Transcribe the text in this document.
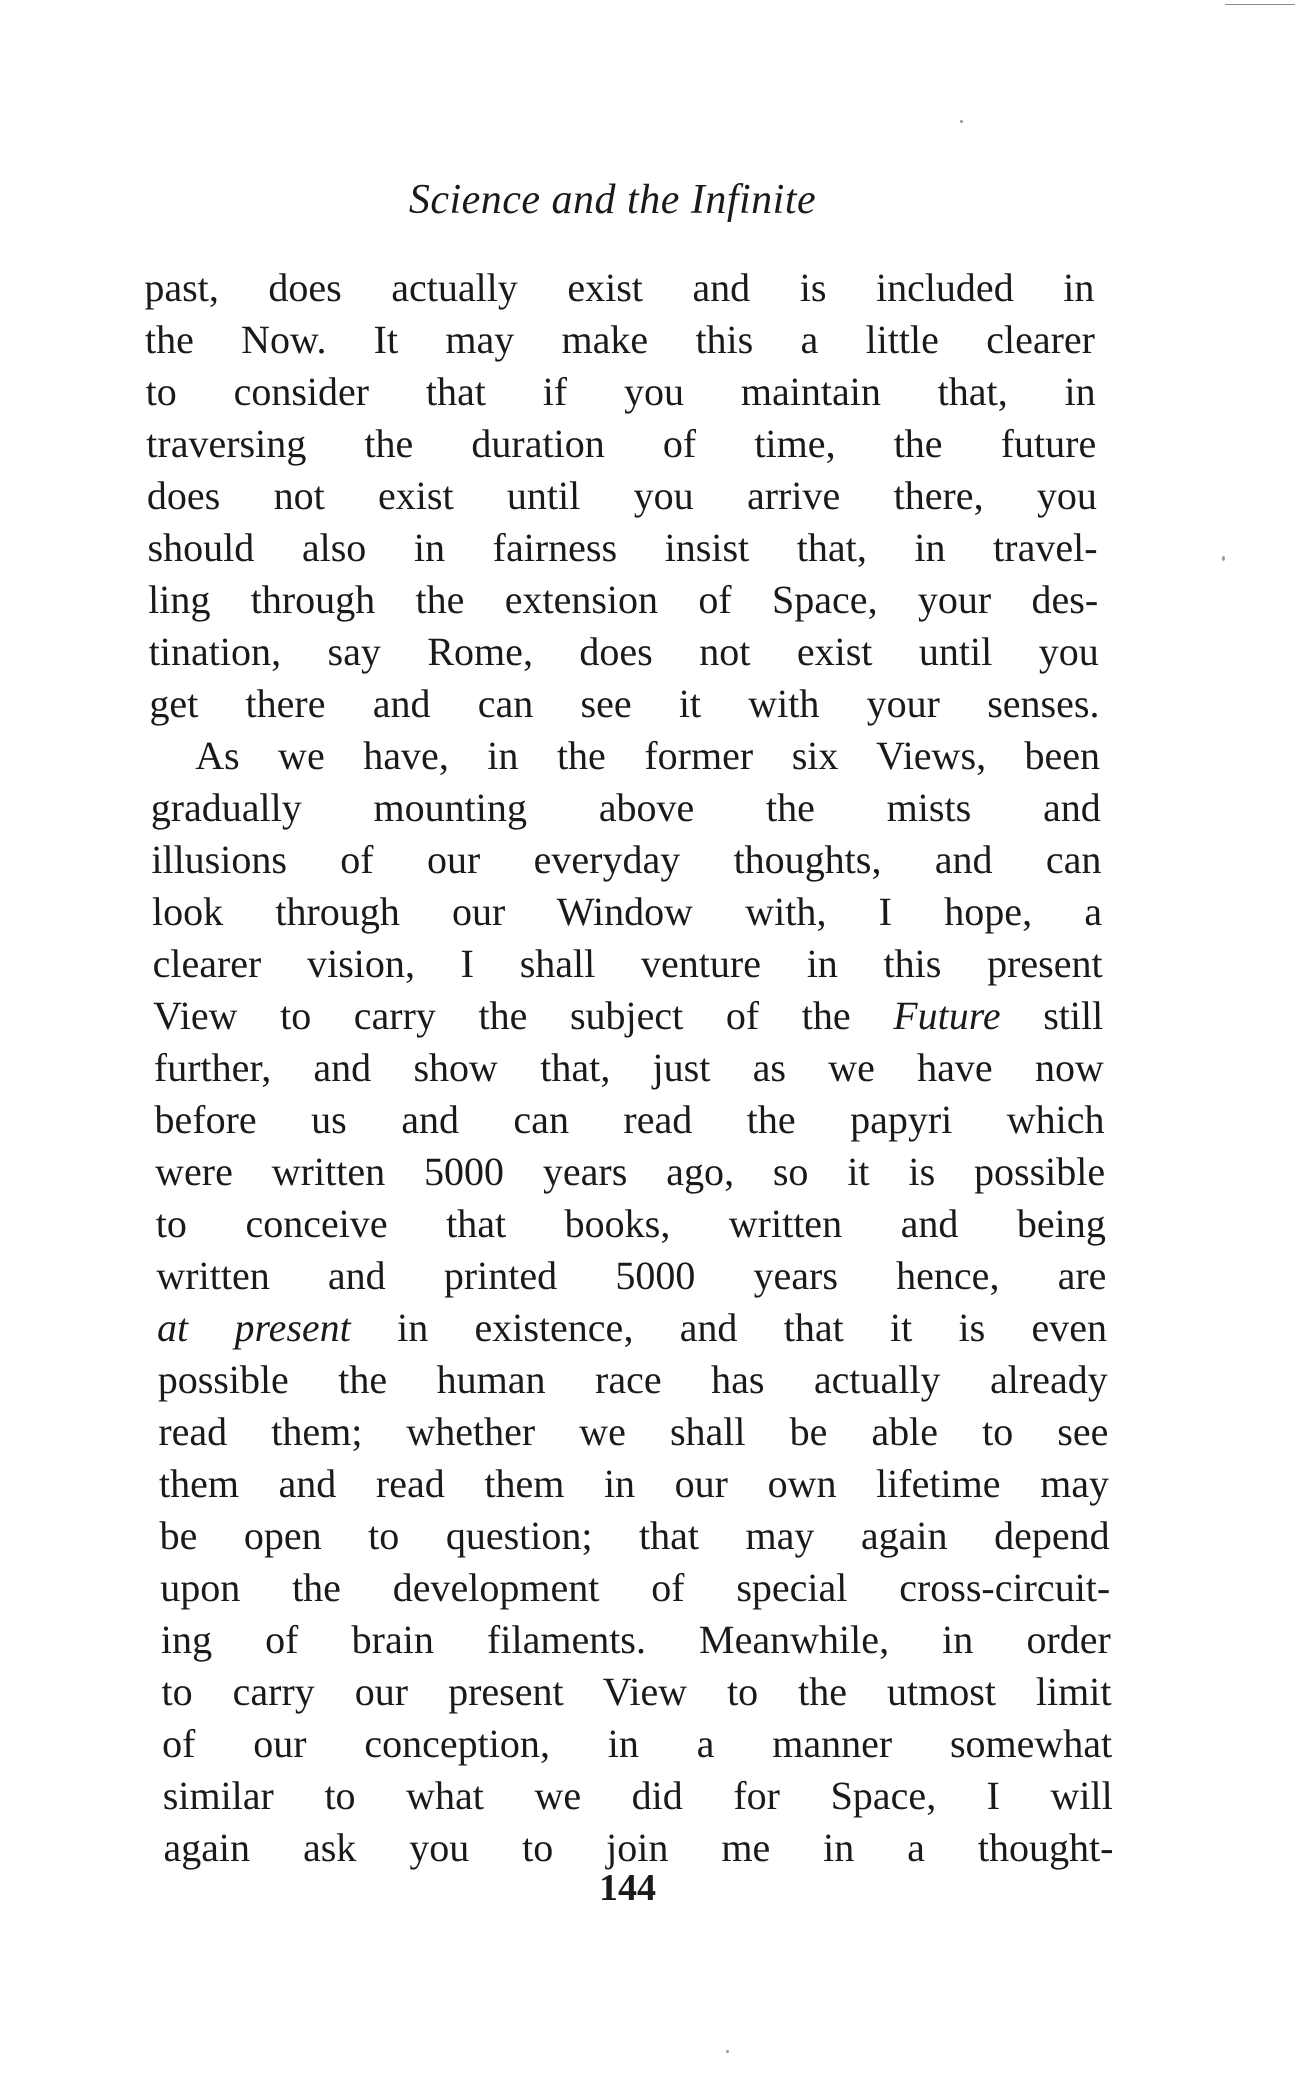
Science and the Infinite
past, does actually exist and is included in
the Now. It may make this a little clearer
to consider that if you maintain that, in
traversing the duration of time, the future
does not exist until you arrive there, you
should also in fairness insist that, in travel-
ling through the extension of Space, your des-
tination, say Rome, does not exist until you
get there and can see it with your senses.
As we have, in the former six Views, been
gradually mounting above the mists and
illusions of our everyday thoughts, and can
look through our Window with, I hope, a
clearer vision, I shall venture in this present
View to carry the subject of the Future still
further, and show that, just as we have now
before us and can read the papyri which
were written 5000 years ago, so it is possible
to conceive that books, written and being
written and printed 5000 years hence, are
at present in existence, and that it is even
possible the human race has actually already
read them; whether we shall be able to see
them and read them in our own lifetime may
be open to question; that may again depend
upon the development of special cross-circuit-
ing of brain filaments. Meanwhile, in order
to carry our present View to the utmost limit
of our conception, in a manner somewhat
similar to what we did for Space, I will
again ask you to join me in a thought-
144
